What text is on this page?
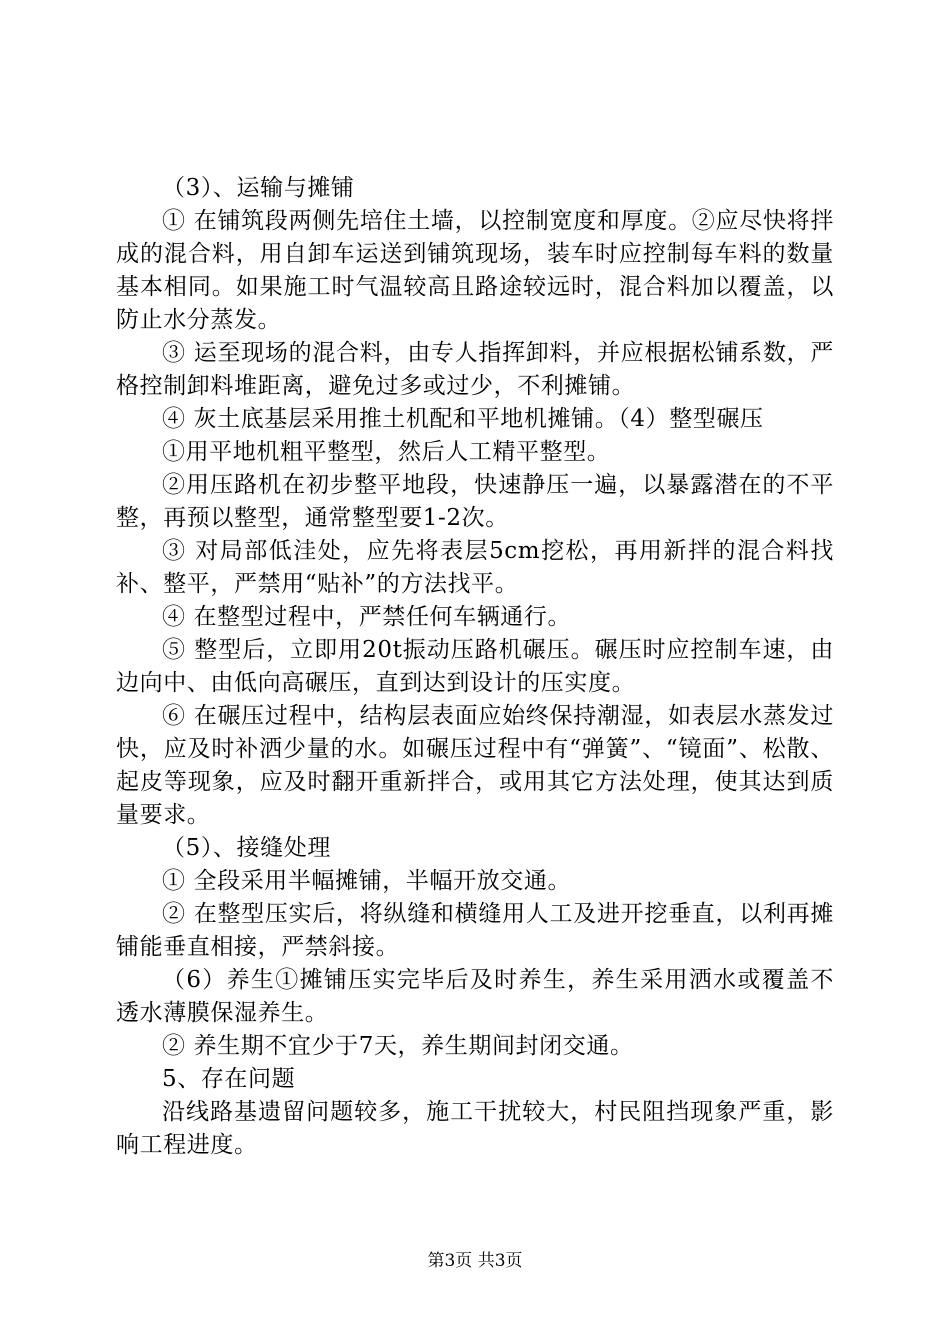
（3）、运输与摊铺

① 在铺筑段两侧先培住土墙，以控制宽度和厚度。②应尽快将拌成的混合料，用自卸车运送到铺筑现场，装车时应控制每车料的数量基本相同。如果施工时气温较高且路途较远时，混合料加以覆盖，以防止水分蒸发。

③ 运至现场的混合料，由专人指挥卸料，并应根据松铺系数，严格控制卸料堆距离，避免过多或过少，不利摊铺。

④ 灰土底基层采用推土机配和平地机摊铺。（4）整型碾压

①用平地机粗平整型，然后人工精平整型。

②用压路机在初步整平地段，快速静压一遍，以暴露潜在的不平整，再预以整型，通常整型要1-2次。

③ 对局部低洼处，应先将表层5cm挖松，再用新拌的混合料找补、整平，严禁用“贴补”的方法找平。

④ 在整型过程中，严禁任何车辆通行。

⑤ 整型后，立即用20t振动压路机碾压。碾压时应控制车速，由边向中、由低向高碾压，直到达到设计的压实度。

⑥ 在碾压过程中，结构层表面应始终保持潮湿，如表层水蒸发过快，应及时补洒少量的水。如碾压过程中有“弹簧”、“镜面”、松散、起皮等现象，应及时翻开重新拌合，或用其它方法处理，使其达到质量要求。

（5）、接缝处理

① 全段采用半幅摊铺，半幅开放交通。

② 在整型压实后，将纵缝和横缝用人工及进开挖垂直，以利再摊铺能垂直相接，严禁斜接。

（6）养生①摊铺压实完毕后及时养生，养生采用洒水或覆盖不透水薄膜保湿养生。

② 养生期不宜少于7天，养生期间封闭交通。

5、存在问题

沿线路基遗留问题较多，施工干扰较大，村民阻挡现象严重，影响工程进度。

第3页 共3页
